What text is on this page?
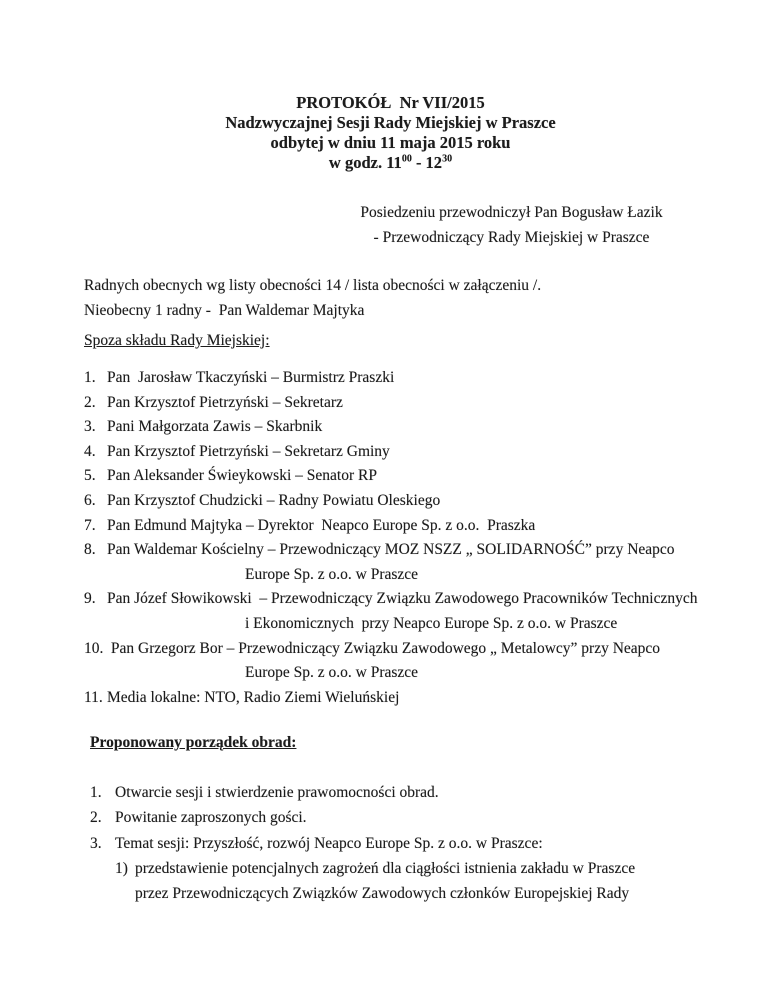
PROTOKÓŁ  Nr VII/2015
Nadzwyczajnej Sesji Rady Miejskiej w Praszce
odbytej w dniu 11 maja 2015 roku
w godz. $11^{00} - 12^{30}$
Posiedzeniu przewodniczył Pan Bogusław Łazik
- Przewodniczący Rady Miejskiej w Praszce
Radnych obecnych wg listy obecności 14 / lista obecności w załączeniu /.
Nieobecny 1 radny -  Pan Waldemar Majtyka
Spoza składu Rady Miejskiej:
1. Pan  Jarosław Tkaczyński – Burmistrz Praszki
2. Pan Krzysztof Pietrzyński – Sekretarz
3. Pani Małgorzata Zawis – Skarbnik
4. Pan Krzysztof Pietrzyński – Sekretarz Gminy
5. Pan Aleksander Świeykowski – Senator RP
6. Pan Krzysztof Chudzicki – Radny Powiatu Oleskiego
7. Pan Edmund Majtyka – Dyrektor  Neapco Europe Sp. z o.o.  Praszka
8. Pan Waldemar Kościelny – Przewodniczący MOZ NSZZ „ SOLIDARNOŚĆ” przy Neapco
Europe Sp. z o.o. w Praszce
9. Pan Józef Słowikowski  – Przewodniczący Związku Zawodowego Pracowników Technicznych
i Ekonomicznych  przy Neapco Europe Sp. z o.o. w Praszce
10. Pan Grzegorz Bor – Przewodniczący Związku Zawodowego „ Metalowcy” przy Neapco
Europe Sp. z o.o. w Praszce
11. Media lokalne: NTO, Radio Ziemi Wieluńskiej
Proponowany porządek obrad:
1. Otwarcie sesji i stwierdzenie prawomocności obrad.
2. Powitanie zaproszonych gości.
3. Temat sesji: Przyszłość, rozwój Neapco Europe Sp. z o.o. w Praszce:
1) przedstawienie potencjalnych zagrożeń dla ciągłości istnienia zakładu w Praszce
przez Przewodniczących Związków Zawodowych członków Europejskiej Rady
